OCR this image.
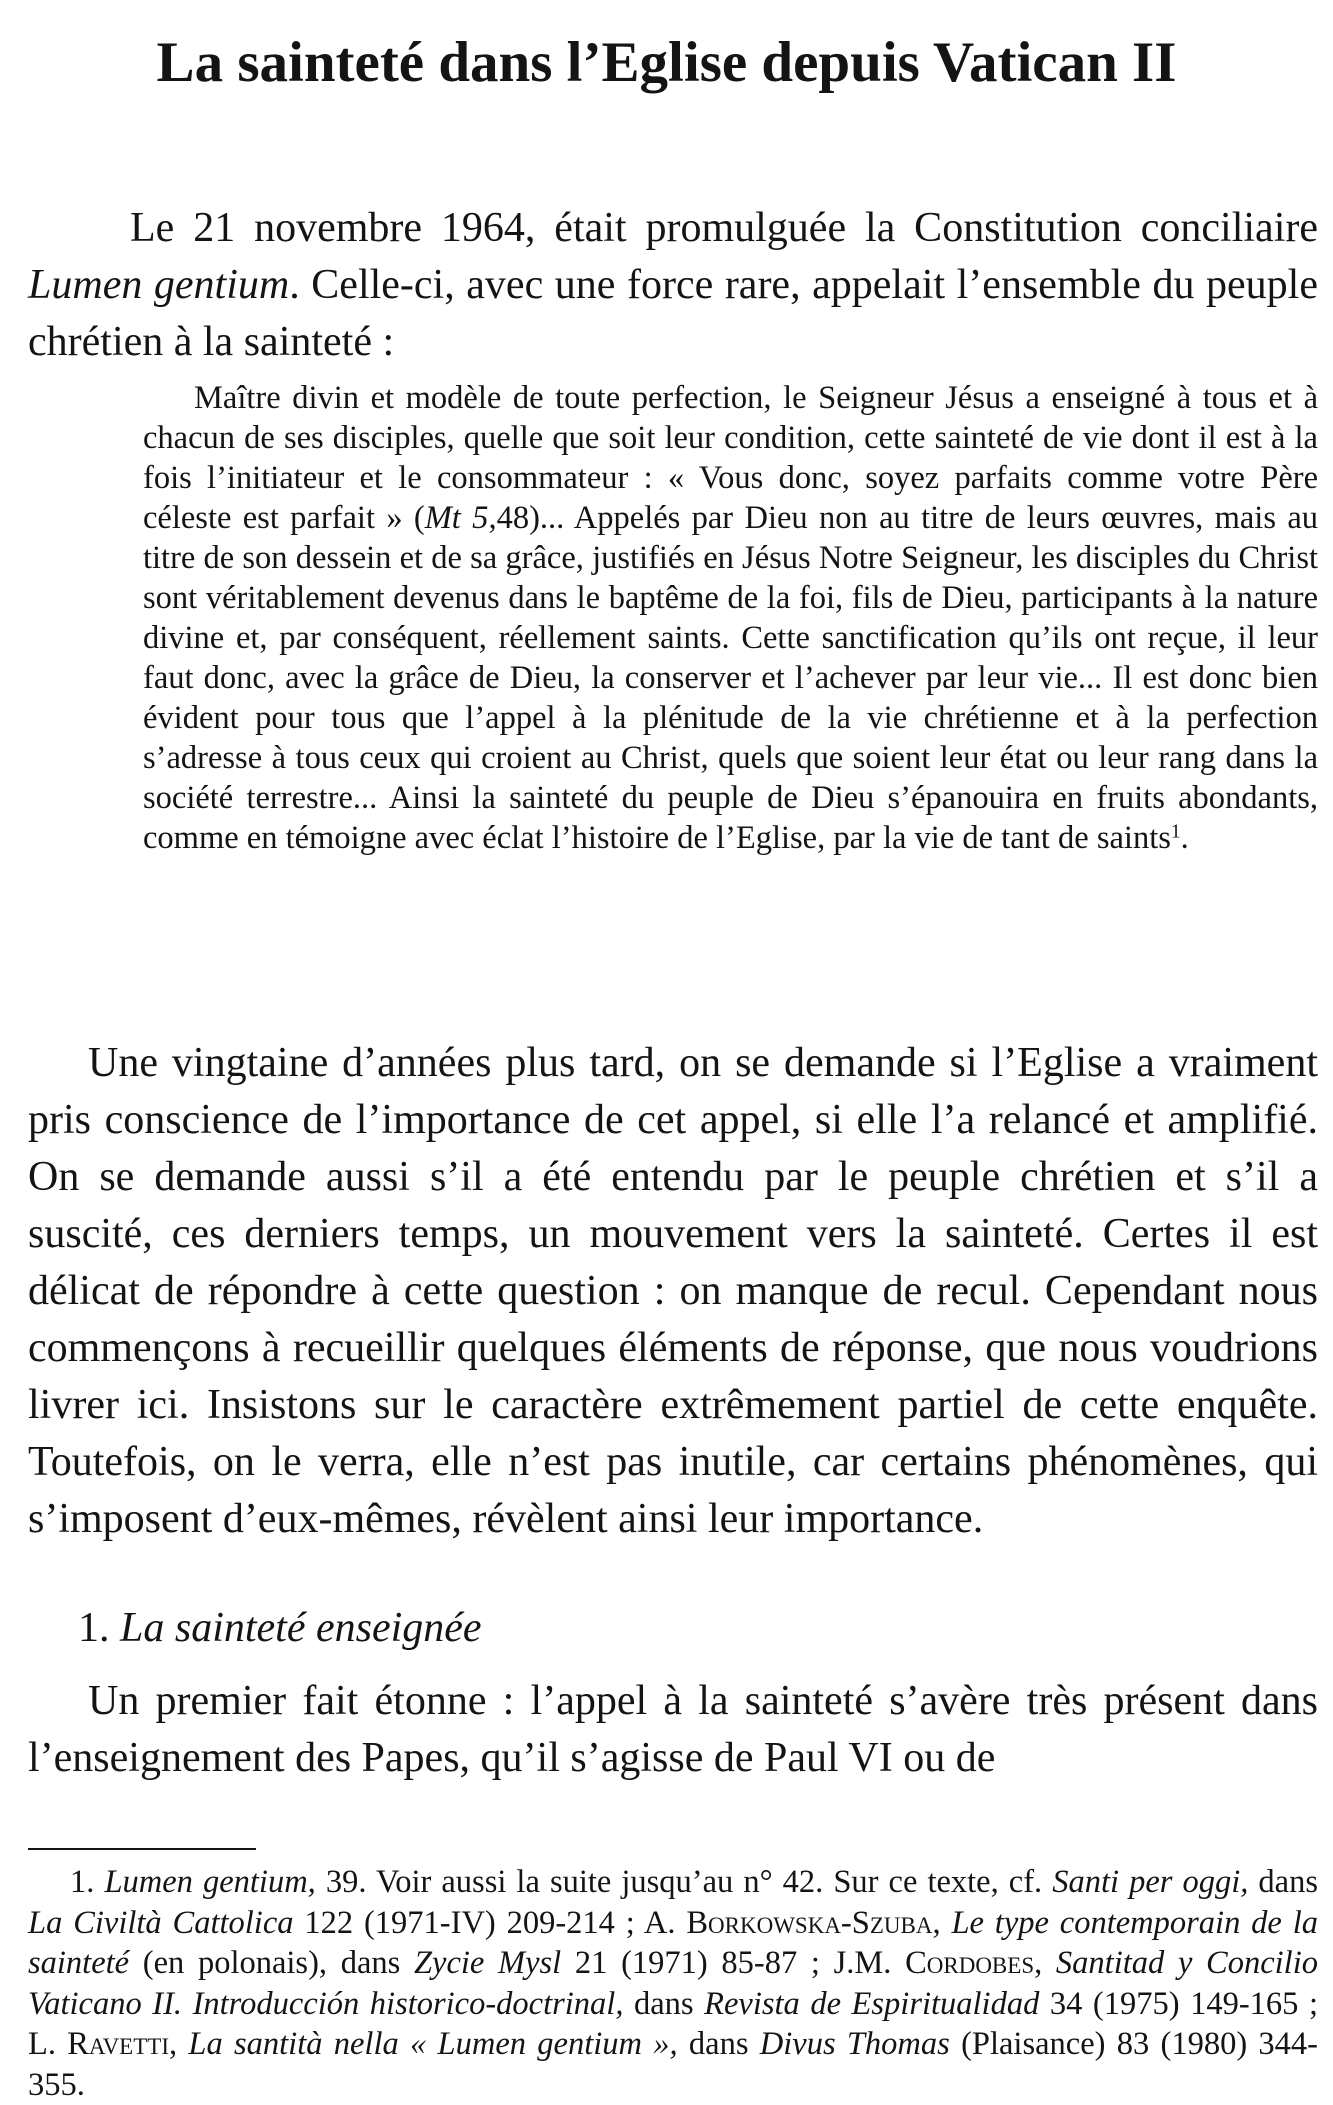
La sainteté dans l’Eglise depuis Vatican II

Le 21 novembre 1964, était promulguée la Constitution conciliaire Lumen gentium. Celle-ci, avec une force rare, appelait l’ensemble du peuple chrétien à la sainteté :

Maître divin et modèle de toute perfection, le Seigneur Jésus a enseigné à tous et à chacun de ses disciples, quelle que soit leur condition, cette sainteté de vie dont il est à la fois l’initiateur et le consommateur : « Vous donc, soyez parfaits comme votre Père céleste est parfait » (Mt 5,48)... Appelés par Dieu non au titre de leurs œuvres, mais au titre de son dessein et de sa grâce, justifiés en Jésus Notre Seigneur, les disciples du Christ sont véritablement devenus dans le baptême de la foi, fils de Dieu, participants à la nature divine et, par conséquent, réellement saints. Cette sanctification qu’ils ont reçue, il leur faut donc, avec la grâce de Dieu, la conserver et l’achever par leur vie... Il est donc bien évident pour tous que l’appel à la plénitude de la vie chrétienne et à la perfection s’adresse à tous ceux qui croient au Christ, quels que soient leur état ou leur rang dans la société terrestre... Ainsi la sainteté du peuple de Dieu s’épanouira en fruits abondants, comme en témoigne avec éclat l’histoire de l’Eglise, par la vie de tant de saints$^1$.

Une vingtaine d’années plus tard, on se demande si l’Eglise a vraiment pris conscience de l’importance de cet appel, si elle l’a relancé et amplifié. On se demande aussi s’il a été entendu par le peuple chrétien et s’il a suscité, ces derniers temps, un mouvement vers la sainteté. Certes il est délicat de répondre à cette question : on manque de recul. Cependant nous commençons à recueillir quelques éléments de réponse, que nous voudrions livrer ici. Insistons sur le caractère extrêmement partiel de cette enquête. Toutefois, on le verra, elle n’est pas inutile, car certains phénomènes, qui s’imposent d’eux-mêmes, révèlent ainsi leur importance.

1. La sainteté enseignée

Un premier fait étonne : l’appel à la sainteté s’avère très présent dans l’enseignement des Papes, qu’il s’agisse de Paul VI ou de

1. Lumen gentium, 39. Voir aussi la suite jusqu’au n° 42. Sur ce texte, cf. Santi per oggi, dans La Civiltà Cattolica 122 (1971-IV) 209-214 ; A. Borkowska-Szuba, Le type contemporain de la sainteté (en polonais), dans Zycie Mysl 21 (1971) 85-87 ; J.M. Cordobes, Santitad y Concilio Vaticano II. Introducción historico-doctrinal, dans Revista de Espiritualidad 34 (1975) 149-165 ; L. Ravetti, La santità nella « Lumen gentium », dans Divus Thomas (Plaisance) 83 (1980) 344-355.
